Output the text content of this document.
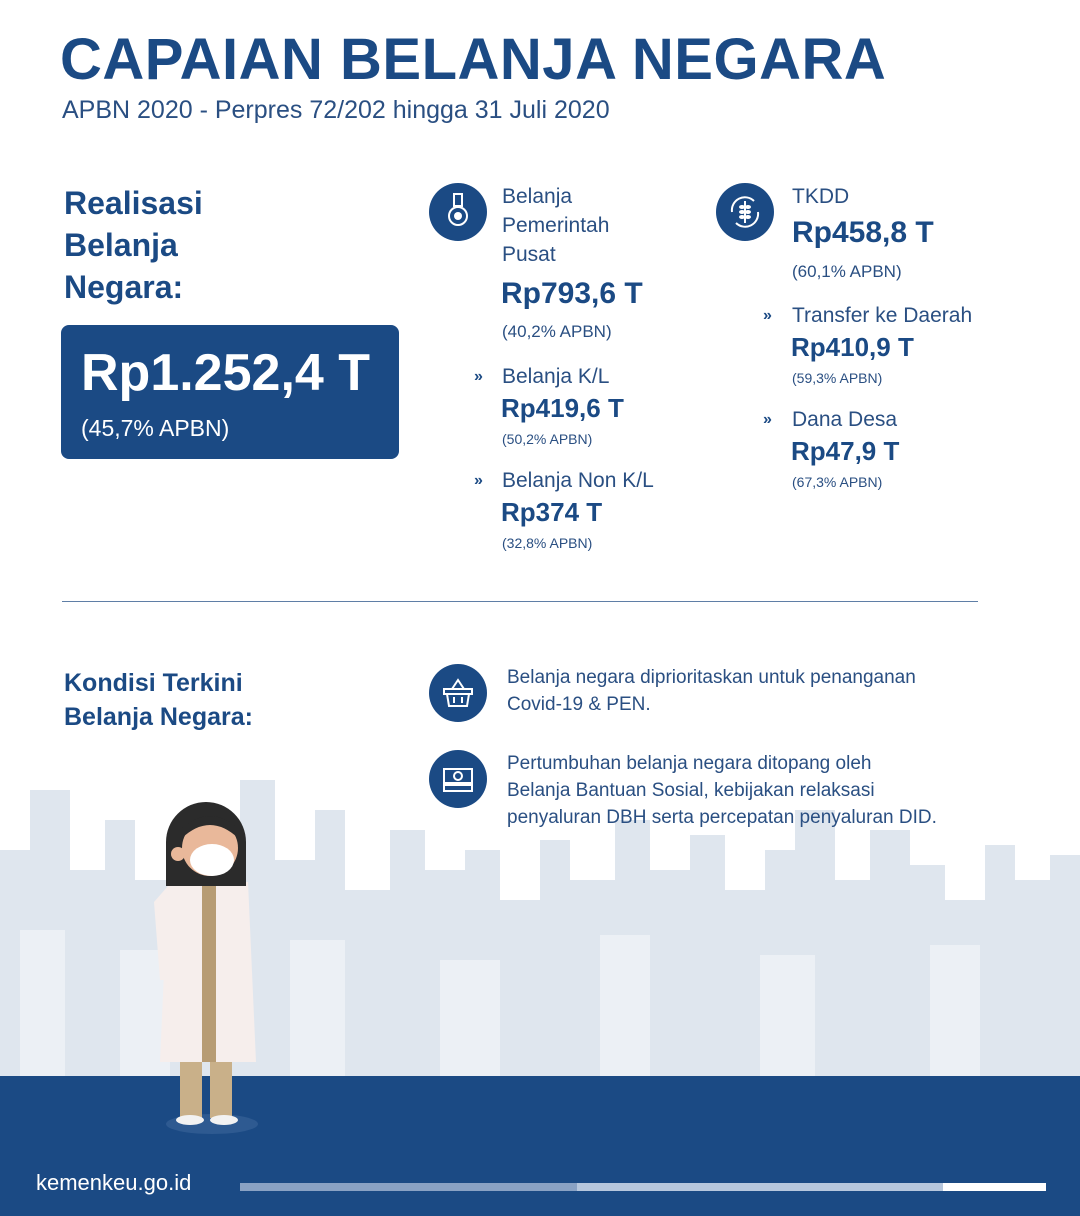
CAPAIAN BELANJA NEGARA
APBN 2020 - Perpres 72/202 hingga 31 Juli 2020
Realisasi
Belanja
Negara:
Rp1.252,4 T
(45,7% APBN)
Belanja
Pemerintah
Pusat
Rp793,6 T
(40,2% APBN)
» Belanja K/L
Rp419,6 T
(50,2% APBN)
» Belanja Non K/L
Rp374 T
(32,8% APBN)
TKDD
Rp458,8 T
(60,1% APBN)
» Transfer ke Daerah
Rp410,9 T
(59,3% APBN)
» Dana Desa
Rp47,9 T
(67,3% APBN)
Kondisi Terkini
Belanja Negara:
Belanja negara diprioritaskan untuk penanganan
Covid-19 & PEN.
Pertumbuhan belanja negara ditopang oleh
Belanja Bantuan Sosial, kebijakan relaksasi
penyaluran DBH serta percepatan penyaluran DID.
kemenkeu.go.id
